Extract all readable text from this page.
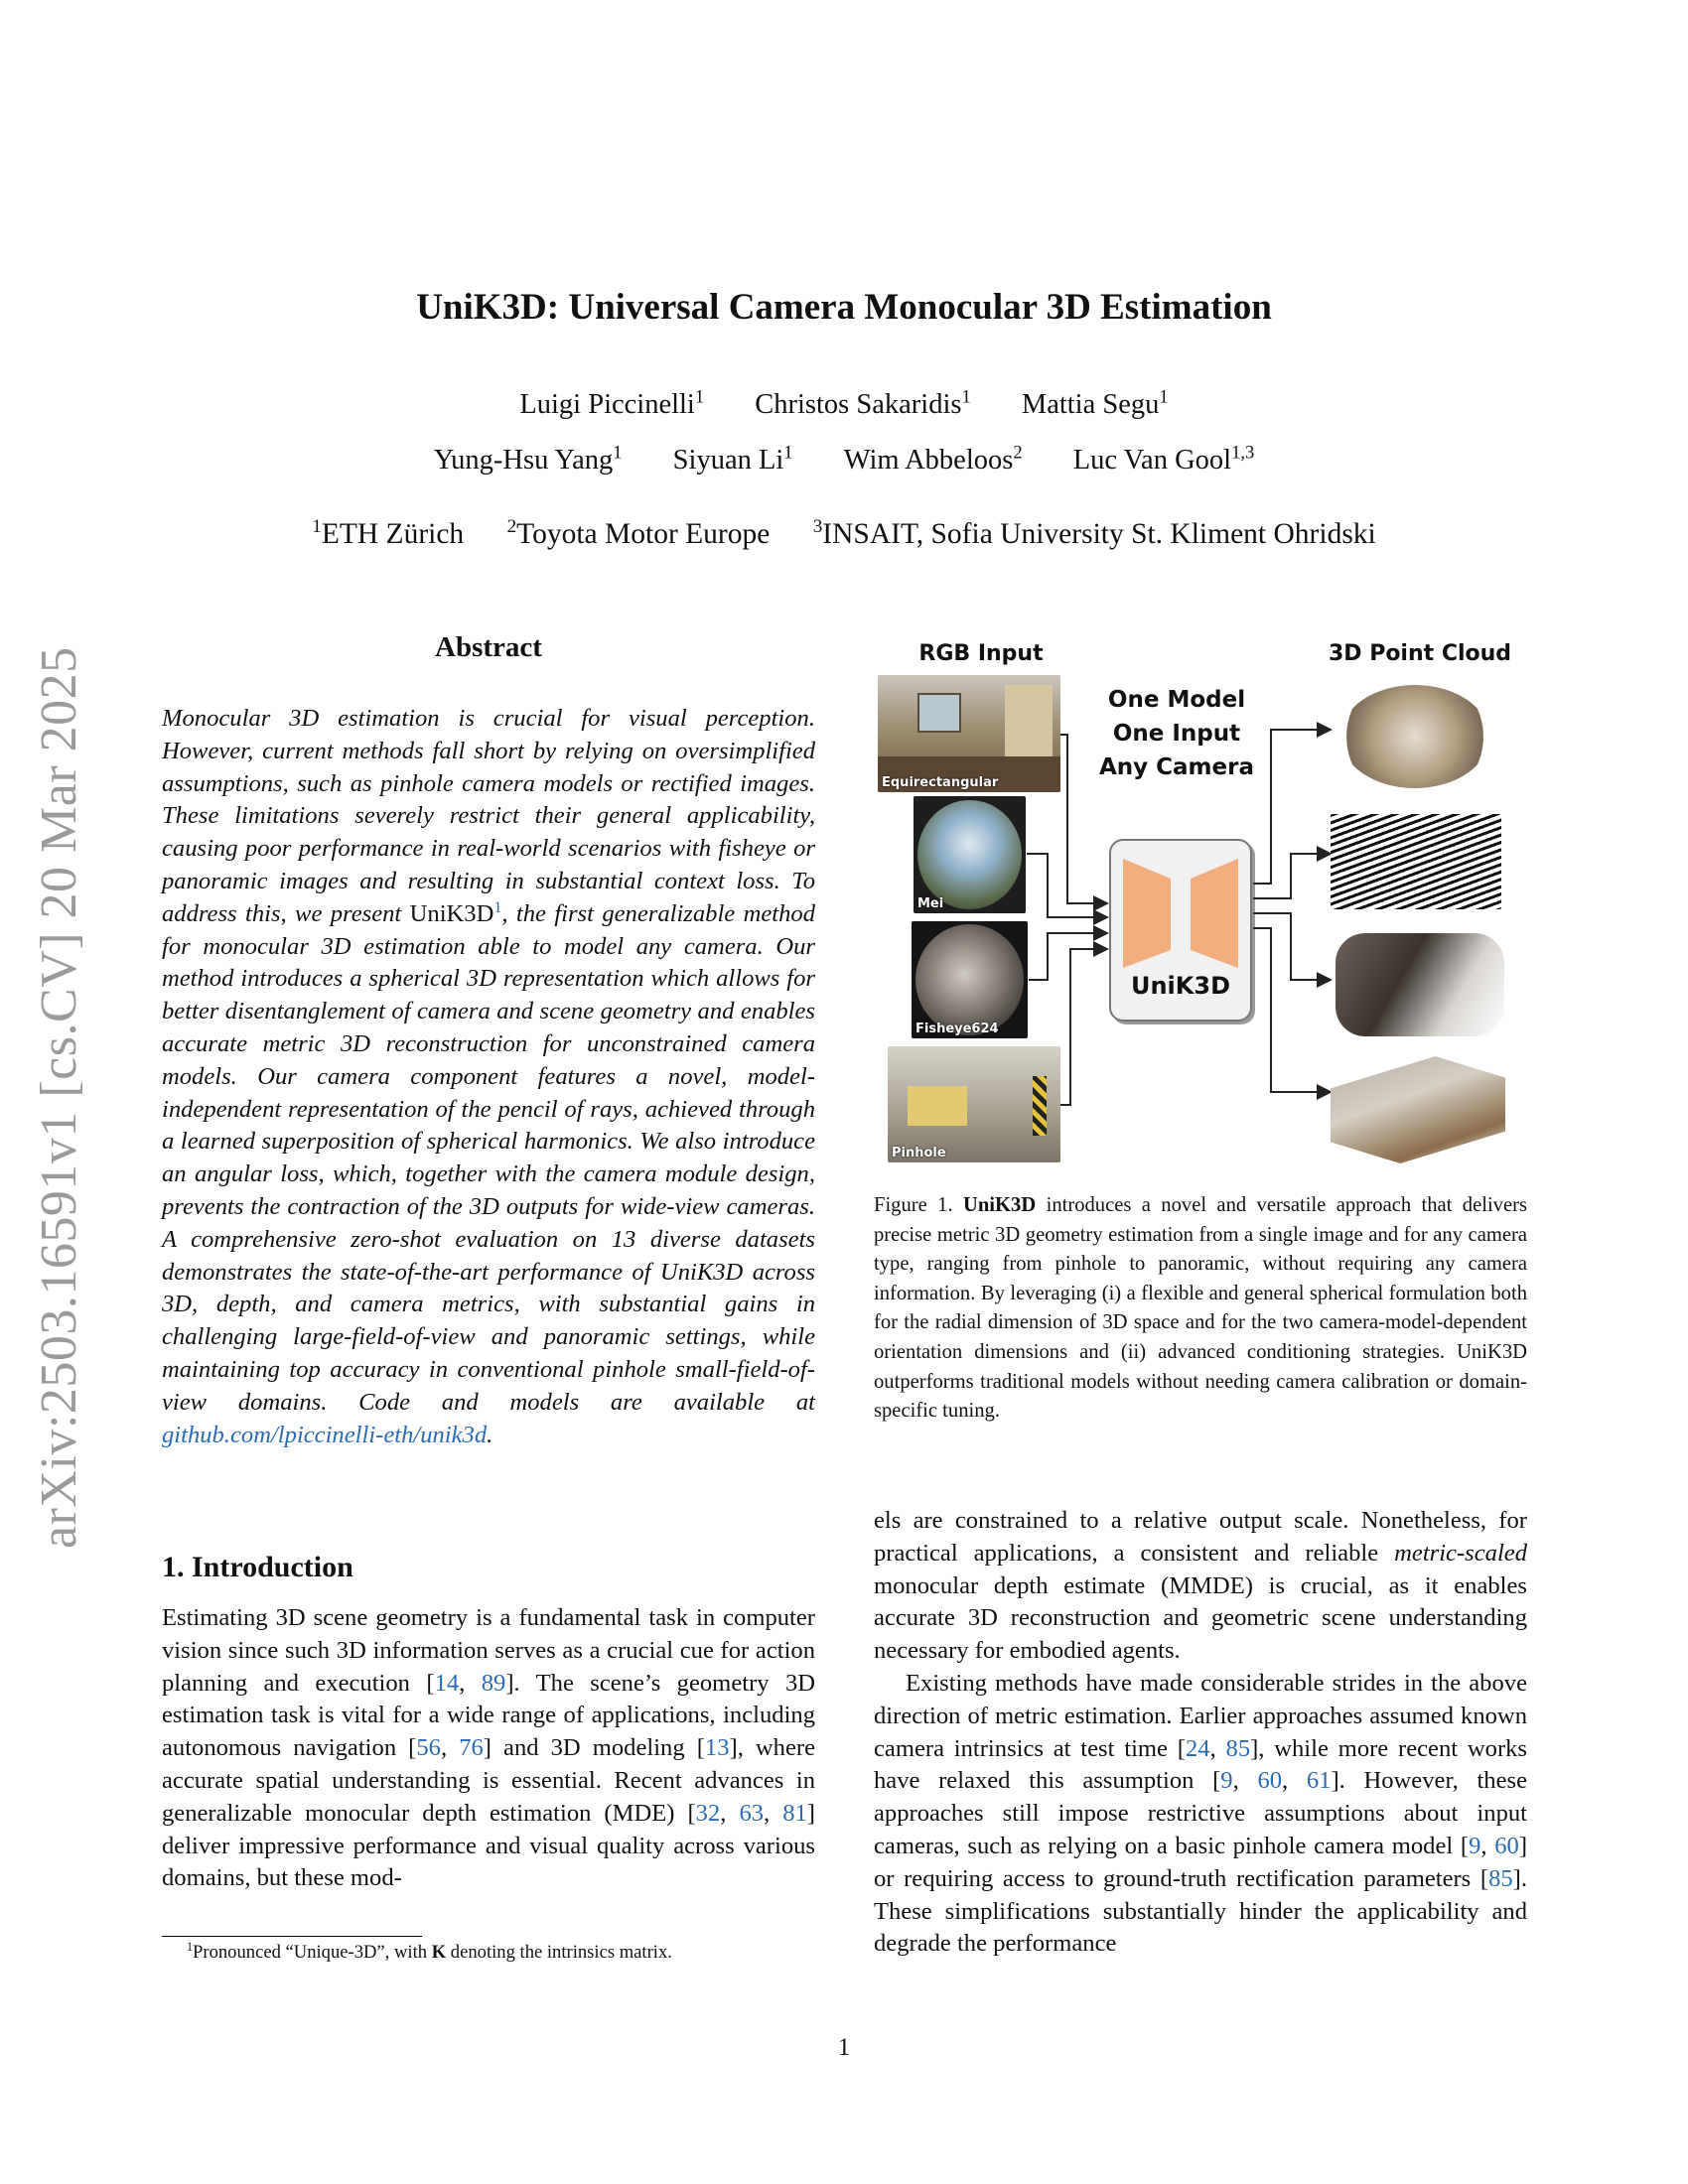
arXiv:2503.16591v1 [cs.CV] 20 Mar 2025
UniK3D: Universal Camera Monocular 3D Estimation
Luigi Piccinelli$^1$ Christos Sakaridis$^1$ Mattia Segu$^1$
Yung-Hsu Yang$^1$ Siyuan Li$^1$ Wim Abbeloos$^2$ Luc Van Gool$^{1,3}$
$^1$ETH Zürich $^2$Toyota Motor Europe $^3$INSAIT, Sofia University St. Kliment Ohridski
Abstract
Monocular 3D estimation is crucial for visual perception. However, current methods fall short by relying on oversimplified assumptions, such as pinhole camera models or rectified images. These limitations severely restrict their general applicability, causing poor performance in real-world scenarios with fisheye or panoramic images and resulting in substantial context loss. To address this, we present UniK3D$^1$, the first generalizable method for monocular 3D estimation able to model any camera. Our method introduces a spherical 3D representation which allows for better disentanglement of camera and scene geometry and enables accurate metric 3D reconstruction for unconstrained camera models. Our camera component features a novel, model-independent representation of the pencil of rays, achieved through a learned superposition of spherical harmonics. We also introduce an angular loss, which, together with the camera module design, prevents the contraction of the 3D outputs for wide-view cameras. A comprehensive zero-shot evaluation on 13 diverse datasets demonstrates the state-of-the-art performance of UniK3D across 3D, depth, and camera metrics, with substantial gains in challenging large-field-of-view and panoramic settings, while maintaining top accuracy in conventional pinhole small-field-of-view domains. Code and models are available at github.com/lpiccinelli-eth/unik3d.
1. Introduction
Estimating 3D scene geometry is a fundamental task in computer vision since such 3D information serves as a crucial cue for action planning and execution [14, 89]. The scene’s geometry 3D estimation task is vital for a wide range of applications, including autonomous navigation [56, 76] and 3D modeling [13], where accurate spatial understanding is essential. Recent advances in generalizable monocular depth estimation (MDE) [32, 63, 81] deliver impressive performance and visual quality across various domains, but these mod-
$^1$Pronounced “Unique-3D”, with K denoting the intrinsics matrix.
els are constrained to a relative output scale. Nonetheless, for practical applications, a consistent and reliable metric-scaled monocular depth estimate (MMDE) is crucial, as it enables accurate 3D reconstruction and geometric scene understanding necessary for embodied agents.
Existing methods have made considerable strides in the above direction of metric estimation. Earlier approaches assumed known camera intrinsics at test time [24, 85], while more recent works have relaxed this assumption [9, 60, 61]. However, these approaches still impose restrictive assumptions about input cameras, such as relying on a basic pinhole camera model [9, 60] or requiring access to ground-truth rectification parameters [85]. These simplifications substantially hinder the applicability and degrade the performance
RGB Input	3D Point Cloud
One Model
One Input
Any Camera
Equirectangular
Mei
Fisheye624
Pinhole
UniK3D
Figure 1. UniK3D introduces a novel and versatile approach that delivers precise metric 3D geometry estimation from a single image and for any camera type, ranging from pinhole to panoramic, without requiring any camera information. By leveraging (i) a flexible and general spherical formulation both for the radial dimension of 3D space and for the two camera-model-dependent orientation dimensions and (ii) advanced conditioning strategies. UniK3D outperforms traditional models without needing camera calibration or domain-specific tuning.
1
